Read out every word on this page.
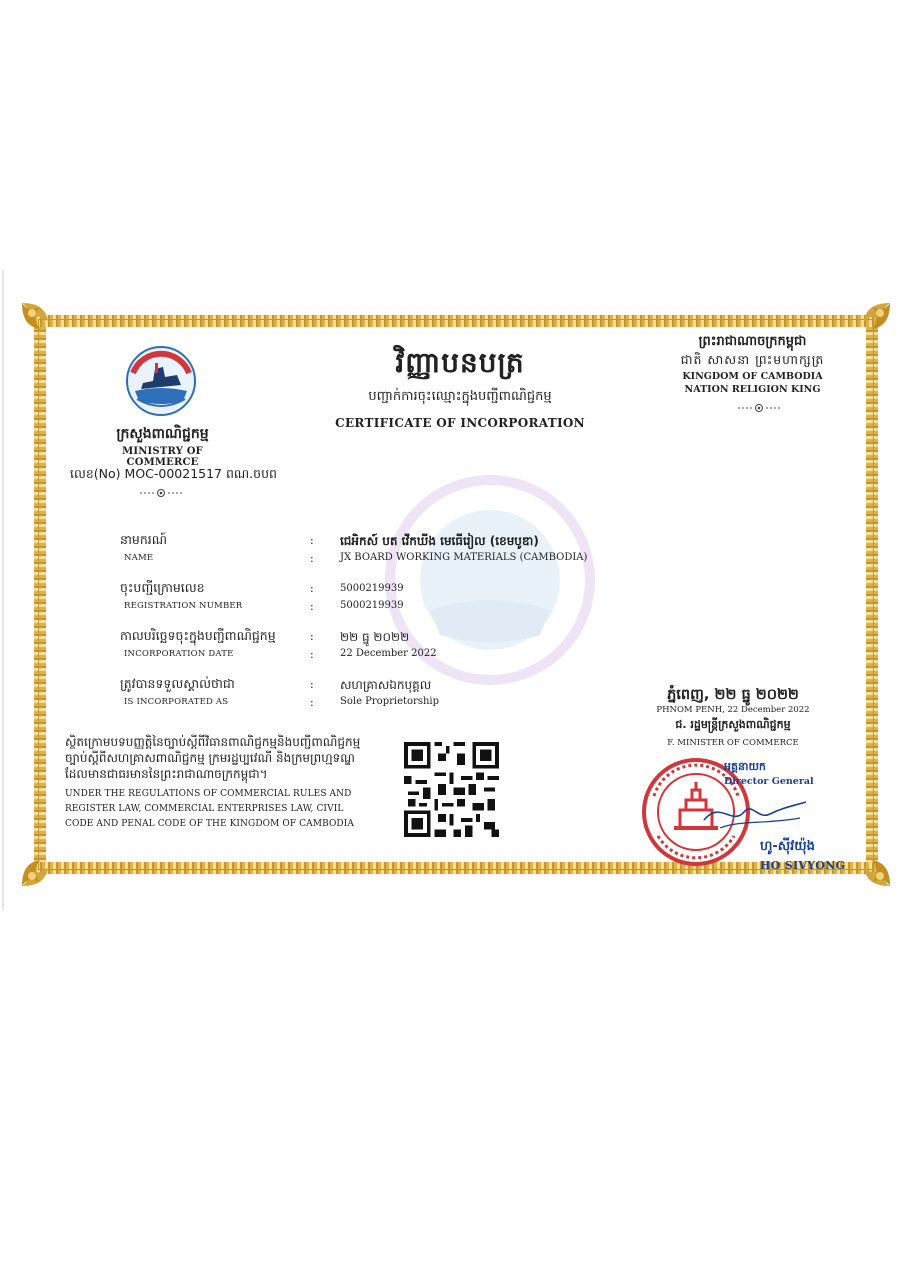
ក្រសួងពាណិជ្ជកម្ម
MINISTRY OF COMMERCE
លេខ(No) MOC-00021517 ពណ.ចបព
វិញ្ញាបនបត្រ
បញ្ជាក់ការចុះឈ្មោះក្នុងបញ្ជីពាណិជ្ជកម្ម
CERTIFICATE OF INCORPORATION
ព្រះរាជាណាចក្រកម្ពុជា
ជាតិ សាសនា ព្រះមហាក្សត្រ
KINGDOM OF CAMBODIA
NATION RELIGION KING
នាមករណ៍
NAME
:
:
ជេអិកស៍ បត វើកឃីង មេធើរៀល (ខេមបូឌា)
JX BOARD WORKING MATERIALS (CAMBODIA)
ចុះបញ្ជីក្រោមលេខ
REGISTRATION NUMBER
:
:
5000219939
5000219939
កាលបរិច្ឆេទចុះក្នុងបញ្ជីពាណិជ្ជកម្ម
INCORPORATION DATE
:
:
២២ ធ្នូ ២០២២
22 December 2022
ត្រូវបានទទួលស្គាល់ថាជា
IS INCORPORATED AS
:
:
សហគ្រាសឯកបុគ្គល
Sole Proprietorship
ស្ថិតក្រោមបទបញ្ញត្តិនៃច្បាប់ស្តីពីវិធានពាណិជ្ជកម្មនិងបញ្ជីពាណិជ្ជកម្ម ច្បាប់ស្តីពីសហគ្រាសពាណិជ្ជកម្ម ក្រមរដ្ឋប្បវេណី និងក្រមព្រហ្មទណ្ឌ ដែលមានជាធរមាននៃព្រះរាជាណាចក្រកម្ពុជា។
UNDER THE REGULATIONS OF COMMERCIAL RULES AND REGISTER LAW, COMMERCIAL ENTERPRISES LAW, CIVIL CODE AND PENAL CODE OF THE KINGDOM OF CAMBODIA
ភ្នំពេញ, ២២ ធ្នូ ២០២២
PHNOM PENH, 22 December 2022
ជ. រដ្ឋមន្ត្រីក្រសួងពាណិជ្ជកម្ម
F. MINISTER OF COMMERCE
អគ្គនាយក
Director General
ហូ-ស៊ីវយ៉ុង
HO SIVYONG
